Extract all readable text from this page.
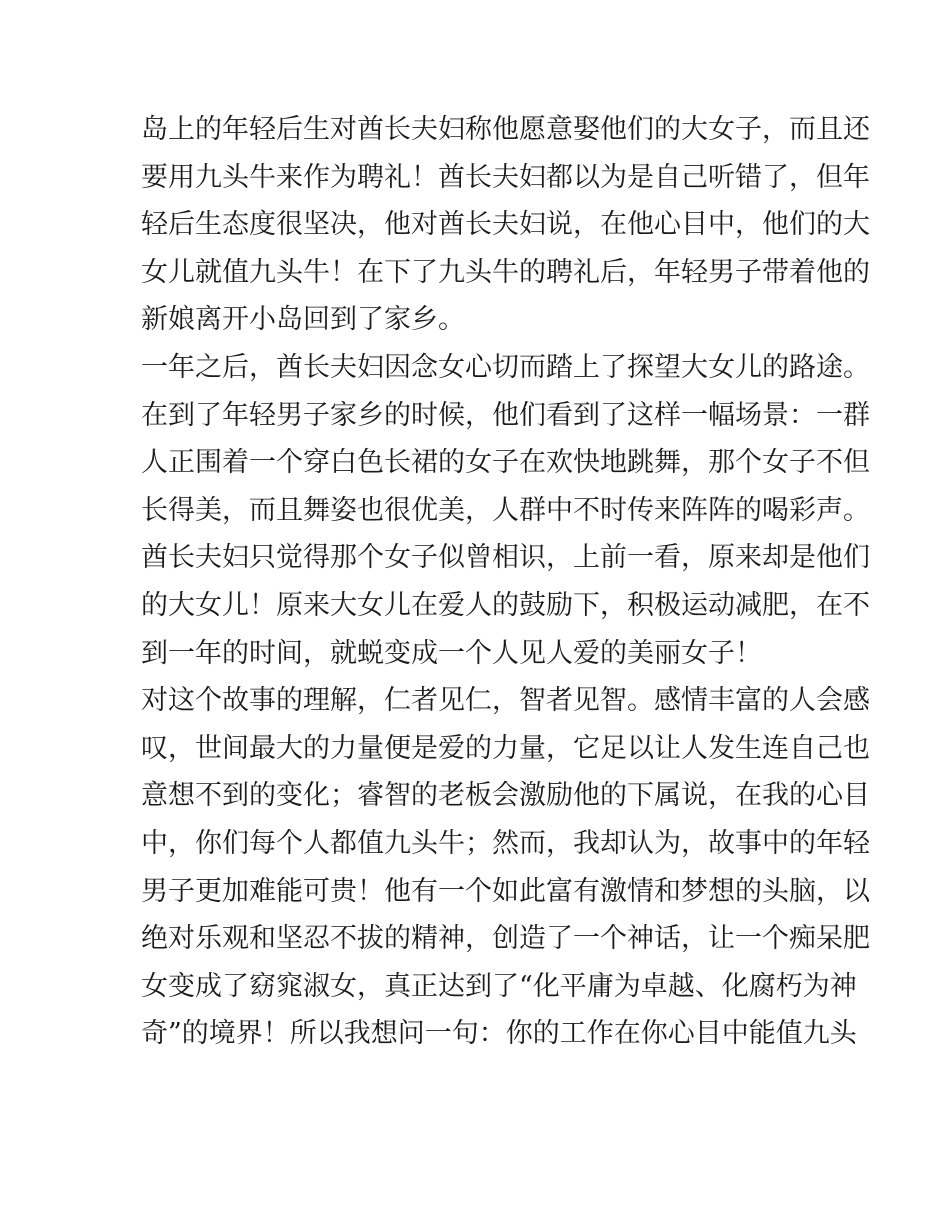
岛上的年轻后生对酋长夫妇称他愿意娶他们的大女子，而且还
要用九头牛来作为聘礼！酋长夫妇都以为是自己听错了，但年
轻后生态度很坚决，他对酋长夫妇说，在他心目中，他们的大
女儿就值九头牛！在下了九头牛的聘礼后，年轻男子带着他的
新娘离开小岛回到了家乡。
一年之后，酋长夫妇因念女心切而踏上了探望大女儿的路途。
在到了年轻男子家乡的时候，他们看到了这样一幅场景：一群
人正围着一个穿白色长裙的女子在欢快地跳舞，那个女子不但
长得美，而且舞姿也很优美，人群中不时传来阵阵的喝彩声。
酋长夫妇只觉得那个女子似曾相识，上前一看，原来却是他们
的大女儿！原来大女儿在爱人的鼓励下，积极运动减肥，在不
到一年的时间，就蜕变成一个人见人爱的美丽女子！
对这个故事的理解，仁者见仁，智者见智。感情丰富的人会感
叹，世间最大的力量便是爱的力量，它足以让人发生连自己也
意想不到的变化；睿智的老板会激励他的下属说，在我的心目
中，你们每个人都值九头牛；然而，我却认为，故事中的年轻
男子更加难能可贵！他有一个如此富有激情和梦想的头脑，以
绝对乐观和坚忍不拔的精神，创造了一个神话，让一个痴呆肥
女变成了窈窕淑女，真正达到了“化平庸为卓越、化腐朽为神
奇”的境界！所以我想问一句：你的工作在你心目中能值九头
